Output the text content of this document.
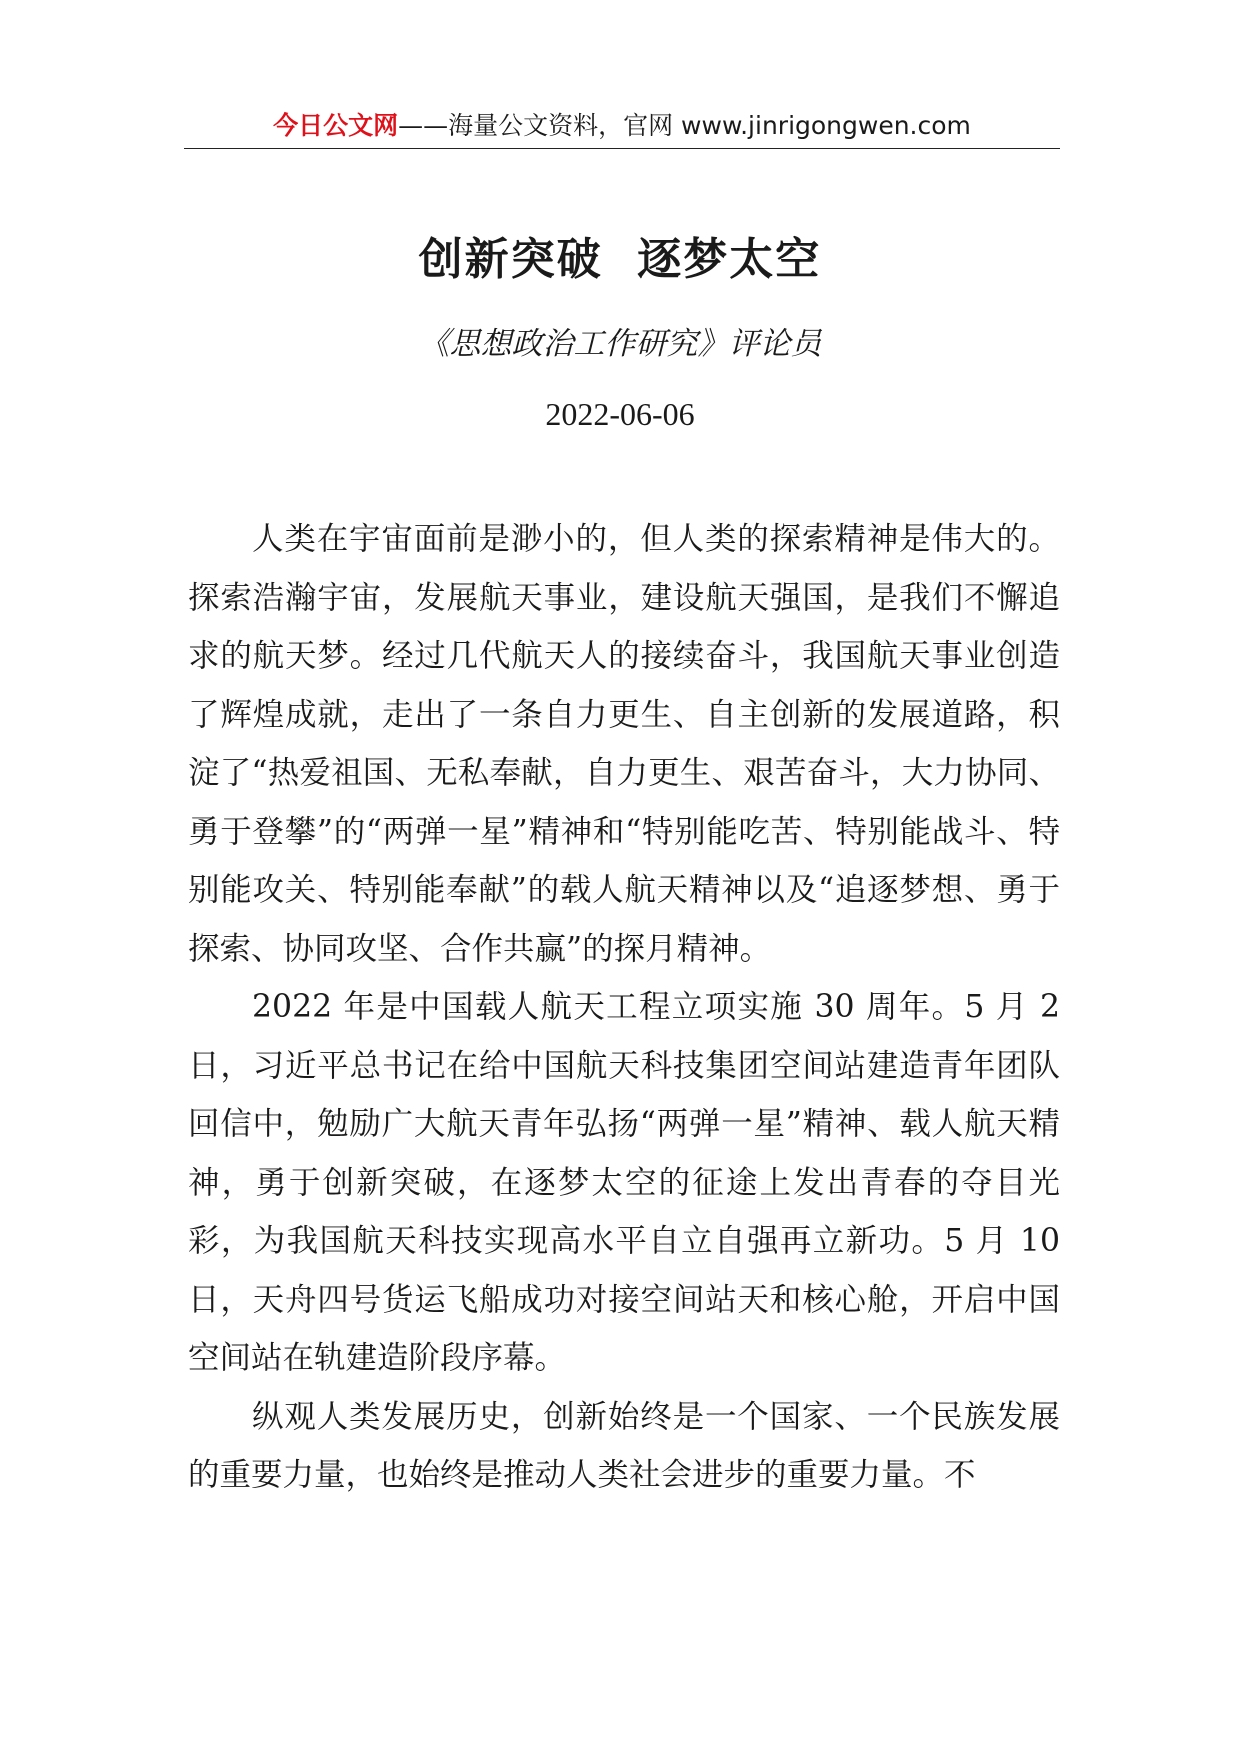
今日公文网——海量公文资料，官网 www.jinrigongwen.com
创新突破  逐梦太空
《思想政治工作研究》评论员
2022-06-06

人类在宇宙面前是渺小的，但人类的探索精神是伟大的。探索浩瀚宇宙，发展航天事业，建设航天强国，是我们不懈追求的航天梦。经过几代航天人的接续奋斗，我国航天事业创造了辉煌成就，走出了一条自力更生、自主创新的发展道路，积淀了“热爱祖国、无私奉献，自力更生、艰苦奋斗，大力协同、勇于登攀”的“两弹一星”精神和“特别能吃苦、特别能战斗、特别能攻关、特别能奉献”的载人航天精神以及“追逐梦想、勇于探索、协同攻坚、合作共赢”的探月精神。

2022 年是中国载人航天工程立项实施 30 周年。5 月 2 日，习近平总书记在给中国航天科技集团空间站建造青年团队回信中，勉励广大航天青年弘扬“两弹一星”精神、载人航天精神，勇于创新突破，在逐梦太空的征途上发出青春的夺目光彩，为我国航天科技实现高水平自立自强再立新功。5 月 10 日，天舟四号货运飞船成功对接空间站天和核心舱，开启中国空间站在轨建造阶段序幕。

纵观人类发展历史，创新始终是一个国家、一个民族发展的重要力量，也始终是推动人类社会进步的重要力量。不
